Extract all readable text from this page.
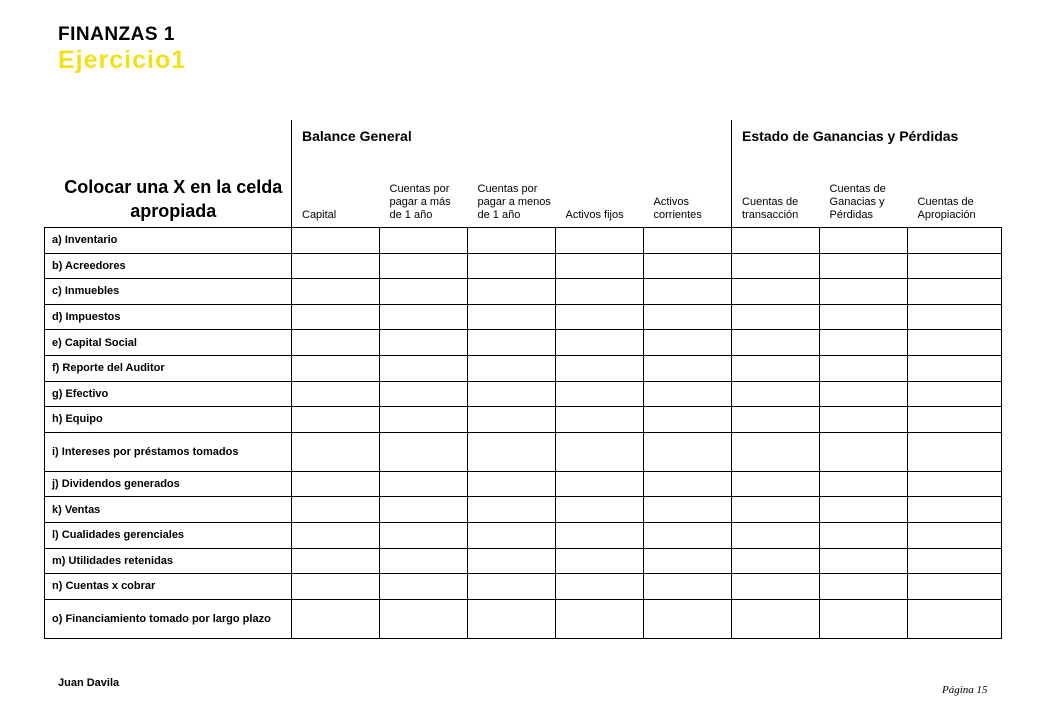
FINANZAS 1
Ejercicio1
Colocar una X en la celda apropiada	Balance General					Estado de Ganancias y Pérdidas		
	Capital	Cuentas por pagar a más de 1 año	Cuentas por pagar a menos de 1 año	Activos fijos	Activos corrientes	Cuentas de transacción	Cuentas de Ganacias y Pérdidas	Cuentas de Apropiación
a) Inventario								
b) Acreedores								
c) Inmuebles								
d) Impuestos								
e) Capital Social								
f) Reporte del Auditor								
g) Efectivo								
h) Equipo								
i) Intereses por préstamos tomados								
j) Dividendos generados								
k) Ventas								
l) Cualidades gerenciales								
m) Utilidades retenidas								
n) Cuentas x cobrar								
o) Financiamiento tomado por largo plazo								
Juan Davila
Página 15
